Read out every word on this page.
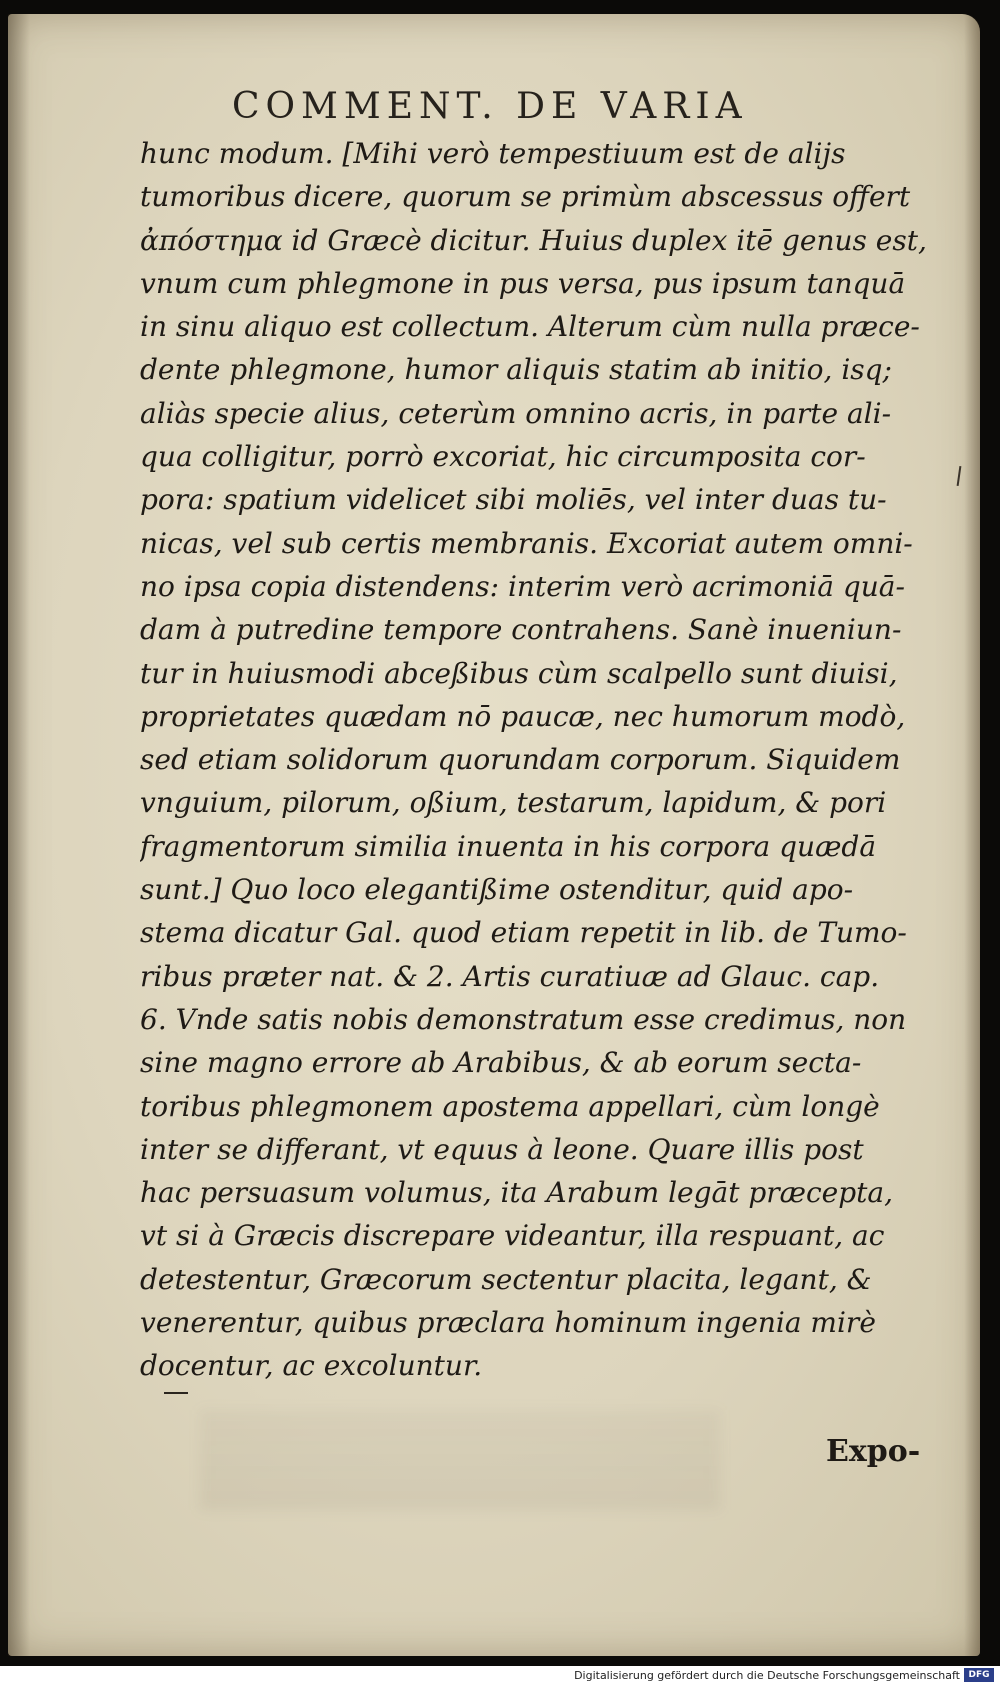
COMMENT. DE VARIA
hunc modum. [Mihi verò tempestiuum est de aliјs
tumoribus dicere, quorum se primùm abscessus offert
ἀπόστημα id Græcè dicitur. Huius duplex itē genus est,
vnum cum phlegmone in pus versa, pus ipsum tanquā
in sinu aliquo est collectum. Alterum cùm nulla præce-
dente phlegmone, humor aliquis statim ab initio, isq;
aliàs specie alius, ceterùm omnino acris, in parte ali-
qua colligitur, porrò excoriat, hic circumposita cor-
pora: spatium videlicet sibi moliēs, vel inter duas tu-
nicas, vel sub certis membranis. Excoriat autem omni-
no ipsa copia distendens: interim verò acrimoniā quā-
dam à putredine tempore contrahens. Sanè inueniun-
tur in huiusmodi abceßibus cùm scalpello sunt diuisi,
proprietates quædam nō paucæ, nec humorum modò,
sed etiam solidorum quorundam corporum. Siquidem
vnguium, pilorum, oßium, testarum, lapidum, & pori
fragmentorum similia inuenta in his corpora quædā
sunt.] Quo loco elegantißime ostenditur, quid apo-
stema dicatur Gal. quod etiam repetit in lib. de Tumo-
ribus præter nat. & 2. Artis curatiuæ ad Glauc. cap.
6. Vnde satis nobis demonstratum esse credimus, non
sine magno errore ab Arabibus, & ab eorum secta-
toribus phlegmonem apostema appellari, cùm longè
inter se differant, vt equus à leone. Quare illis post
hac persuasum volumus, ita Arabum legāt præcepta,
vt si à Græcis discrepare videantur, illa respuant, ac
detestentur, Græcorum sectentur placita, legant, &
venerentur, quibus præclara hominum ingenia mirè
docentur, ac excoluntur.
Expo-
Digitalisierung gefördert durch die Deutsche Forschungsgemeinschaft DFG
